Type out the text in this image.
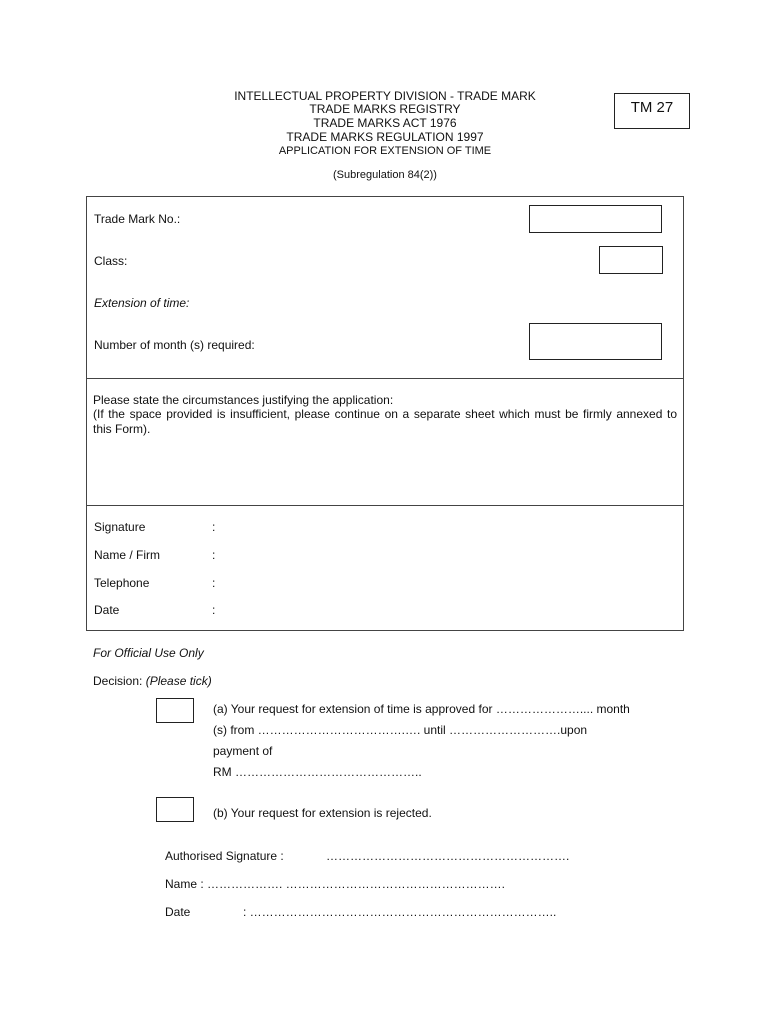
INTELLECTUAL PROPERTY DIVISION - TRADE MARK
TRADE MARKS REGISTRY
TRADE MARKS ACT 1976
TRADE MARKS REGULATION 1997
APPLICATION FOR EXTENSION OF TIME
(Subregulation 84(2))
TM 27
Trade Mark No.:
Class:
Extension of time:
Number of month (s) required:
Please state the circumstances justifying the application:
(If the space provided is insufficient, please continue on a separate sheet which must be firmly annexed to this Form).
Signature	:
Name / Firm	:
Telephone	:
Date	:
For Official Use Only
Decision: (Please tick)
(a) Your request for extension of time is approved for ………………….... month
(s) from ……………………………….…. until ……………………….upon
payment of
RM ………………………………………..
(b) Your request for extension is rejected.
Authorised Signature :	…………………………………………………….
Name : ………………. ……………………………………………….
Date	: …………………………………………………………………..
